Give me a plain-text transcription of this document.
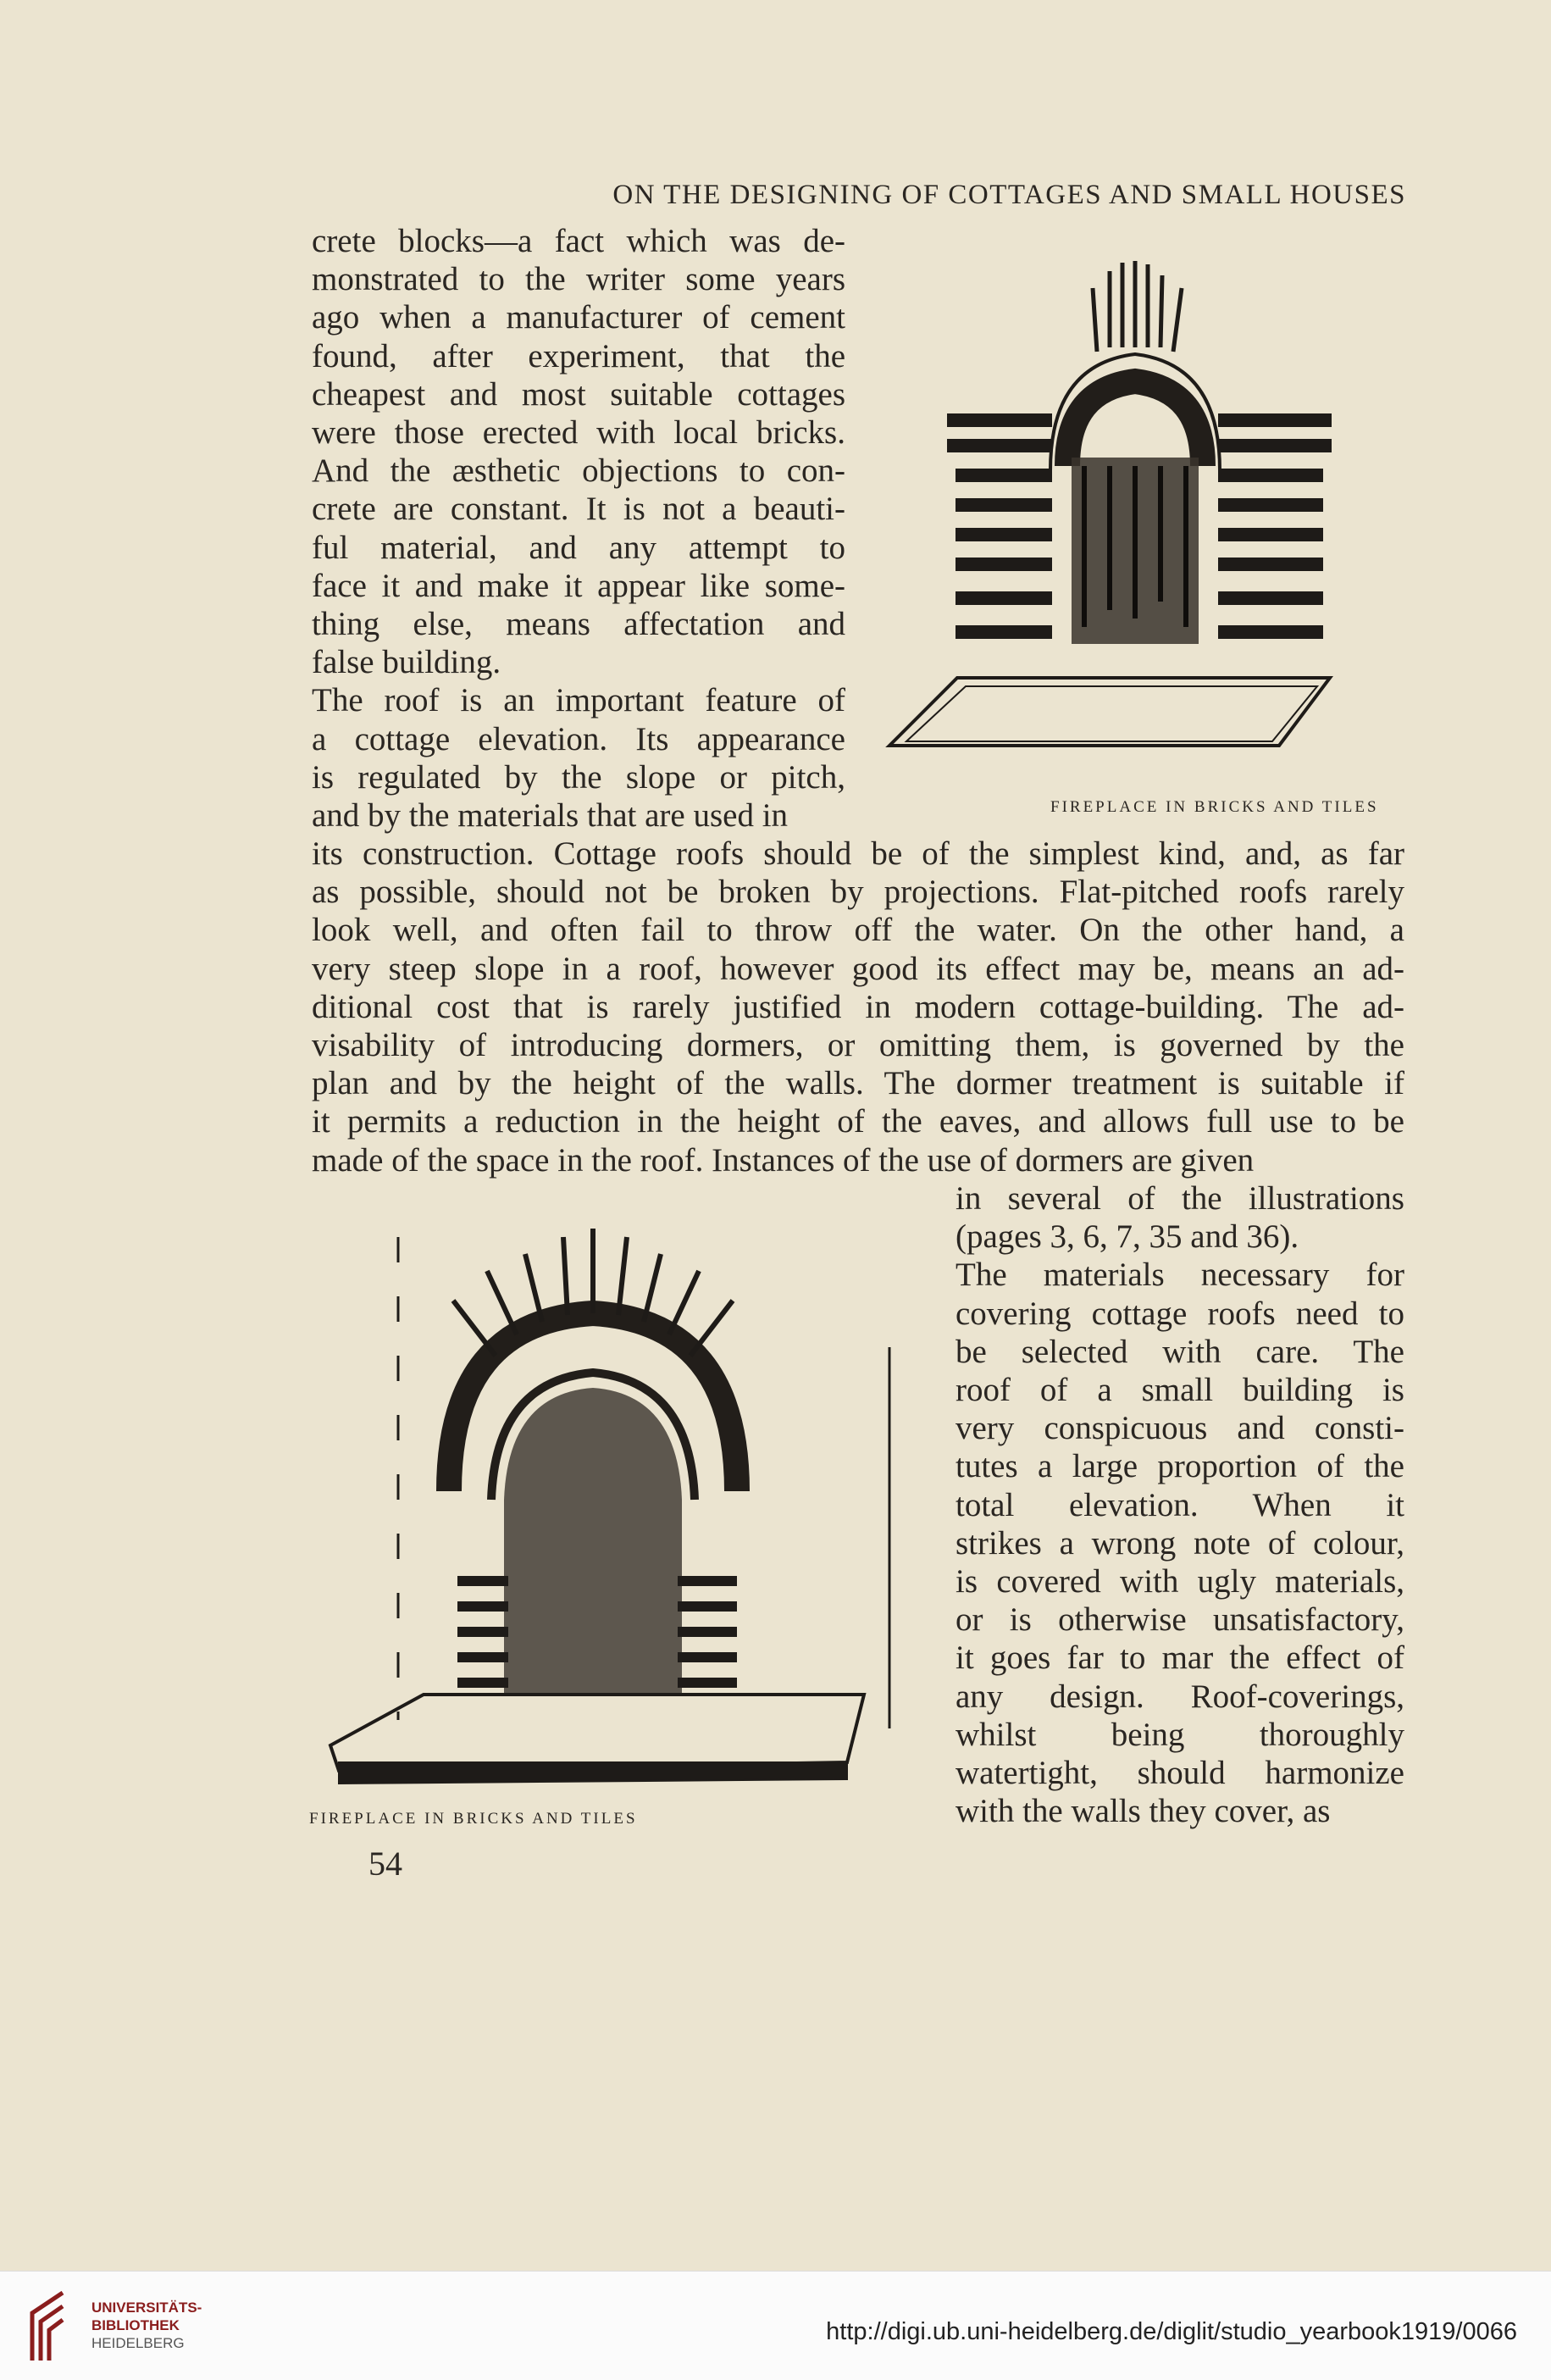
ON THE DESIGNING OF COTTAGES AND SMALL HOUSES
crete blocks—a fact which was de-
monstrated to the writer some years
ago when a manufacturer of cement
found, after experiment, that the
cheapest and most suitable cottages
were those erected with local bricks.
And the æsthetic objections to con-
crete are constant. It is not a beauti-
ful material, and any attempt to
face it and make it appear like some-
thing else, means affectation and
false building.
The roof is an important feature of
a cottage elevation. Its appearance
is regulated by the slope or pitch,
and by the materials that are used in
its construction. Cottage roofs should be of the simplest kind, and, as far
as possible, should not be broken by projections. Flat-pitched roofs rarely
look well, and often fail to throw off the water. On the other hand, a
very steep slope in a roof, however good its effect may be, means an ad-
ditional cost that is rarely justified in modern cottage-building. The ad-
visability of introducing dormers, or omitting them, is governed by the
plan and by the height of the walls. The dormer treatment is suitable if
it permits a reduction in the height of the eaves, and allows full use to be
made of the space in the roof. Instances of the use of dormers are given
in several of the illustrations
(pages 3, 6, 7, 35 and 36).
The materials necessary for
covering cottage roofs need to
be selected with care. The
roof of a small building is
very conspicuous and consti-
tutes a large proportion of the
total elevation. When it
strikes a wrong note of colour,
is covered with ugly materials,
or is otherwise unsatisfactory,
it goes far to mar the effect of
any design. Roof-coverings,
whilst being thoroughly
watertight, should harmonize
with the walls they cover, as
FIREPLACE IN BRICKS AND TILES
FIREPLACE IN BRICKS AND TILES
54
UNIVERSITÄTS-
BIBLIOTHEK
HEIDELBERG	http://digi.ub.uni-heidelberg.de/diglit/studio_yearbook1919/0066
